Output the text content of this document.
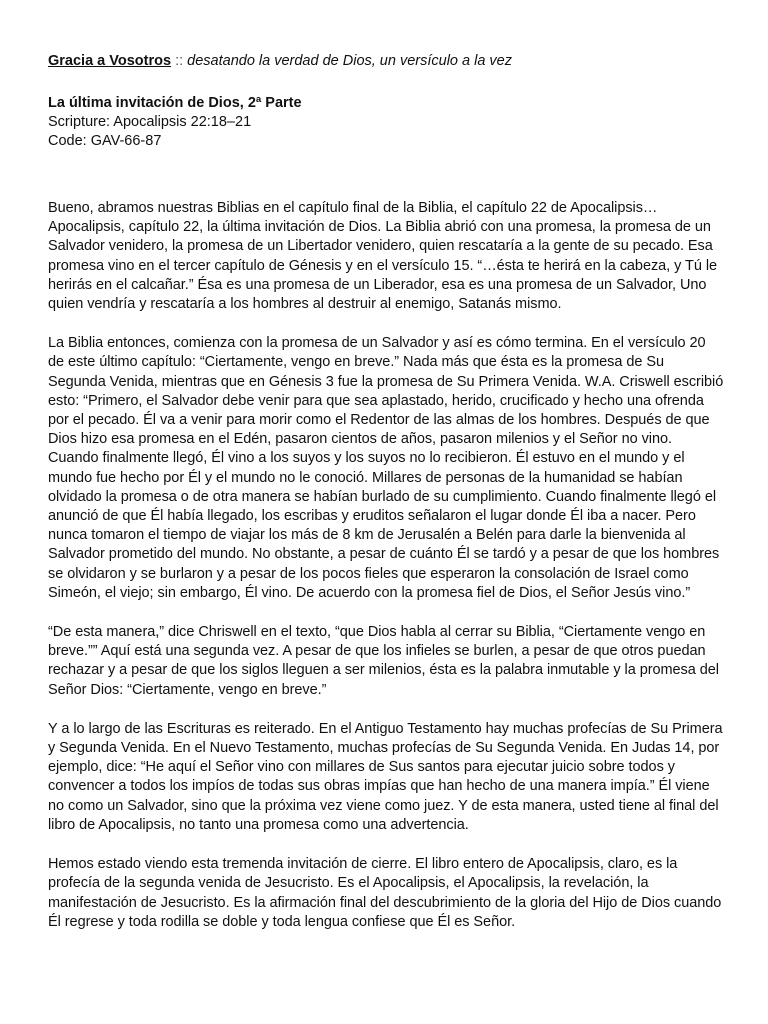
Gracia a Vosotros :: desatando la verdad de Dios, un versículo a la vez

La última invitación de Dios, 2ª Parte

Scripture: Apocalipsis 22:18–21

Code: GAV-66-87

Bueno, abramos nuestras Biblias en el capítulo final de la Biblia, el capítulo 22 de Apocalipsis… Apocalipsis, capítulo 22, la última invitación de Dios. La Biblia abrió con una promesa, la promesa de un Salvador venidero, la promesa de un Libertador venidero, quien rescataría a la gente de su pecado. Esa promesa vino en el tercer capítulo de Génesis y en el versículo 15. “…ésta te herirá en la cabeza, y Tú le herirás en el calcañar.” Ésa es una promesa de un Liberador, esa es una promesa de un Salvador, Uno quien vendría y rescataría a los hombres al destruir al enemigo, Satanás mismo.

La Biblia entonces, comienza con la promesa de un Salvador y así es cómo termina. En el versículo 20 de este último capítulo: “Ciertamente, vengo en breve.” Nada más que ésta es la promesa de Su Segunda Venida, mientras que en Génesis 3 fue la promesa de Su Primera Venida. W.A. Criswell escribió esto: “Primero, el Salvador debe venir para que sea aplastado, herido, crucificado y hecho una ofrenda por el pecado. Él va a venir para morir como el Redentor de las almas de los hombres. Después de que Dios hizo esa promesa en el Edén, pasaron cientos de años, pasaron milenios y el Señor no vino. Cuando finalmente llegó, Él vino a los suyos y los suyos no lo recibieron. Él estuvo en el mundo y el mundo fue hecho por Él y el mundo no le conoció. Millares de personas de la humanidad se habían olvidado la promesa o de otra manera se habían burlado de su cumplimiento. Cuando finalmente llegó el anunció de que Él había llegado, los escribas y eruditos señalaron el lugar donde Él iba a nacer. Pero nunca tomaron el tiempo de viajar los más de 8 km de Jerusalén a Belén para darle la bienvenida al Salvador prometido del mundo. No obstante, a pesar de cuánto Él se tardó y a pesar de que los hombres se olvidaron y se burlaron y a pesar de los pocos fieles que esperaron la consolación de Israel como Simeón, el viejo; sin embargo, Él vino. De acuerdo con la promesa fiel de Dios, el Señor Jesús vino.”

“De esta manera,” dice Chriswell en el texto, “que Dios habla al cerrar su Biblia, “Ciertamente vengo en breve.”” Aquí está una segunda vez. A pesar de que los infieles se burlen, a pesar de que otros puedan rechazar y a pesar de que los siglos lleguen a ser milenios, ésta es la palabra inmutable y la promesa del Señor Dios: “Ciertamente, vengo en breve.”

Y a lo largo de las Escrituras es reiterado. En el Antiguo Testamento hay muchas profecías de Su Primera y Segunda Venida. En el Nuevo Testamento, muchas profecías de Su Segunda Venida. En Judas 14, por ejemplo, dice: “He aquí el Señor vino con millares de Sus santos para ejecutar juicio sobre todos y convencer a todos los impíos de todas sus obras impías que han hecho de una manera impía.” Él viene no como un Salvador, sino que la próxima vez viene como juez. Y de esta manera, usted tiene al final del libro de Apocalipsis, no tanto una promesa como una advertencia.

Hemos estado viendo esta tremenda invitación de cierre. El libro entero de Apocalipsis, claro, es la profecía de la segunda venida de Jesucristo. Es el Apocalipsis, el Apocalipsis, la revelación, la manifestación de Jesucristo. Es la afirmación final del descubrimiento de la gloria del Hijo de Dios cuando Él regrese y toda rodilla se doble y toda lengua confiese que Él es Señor.
